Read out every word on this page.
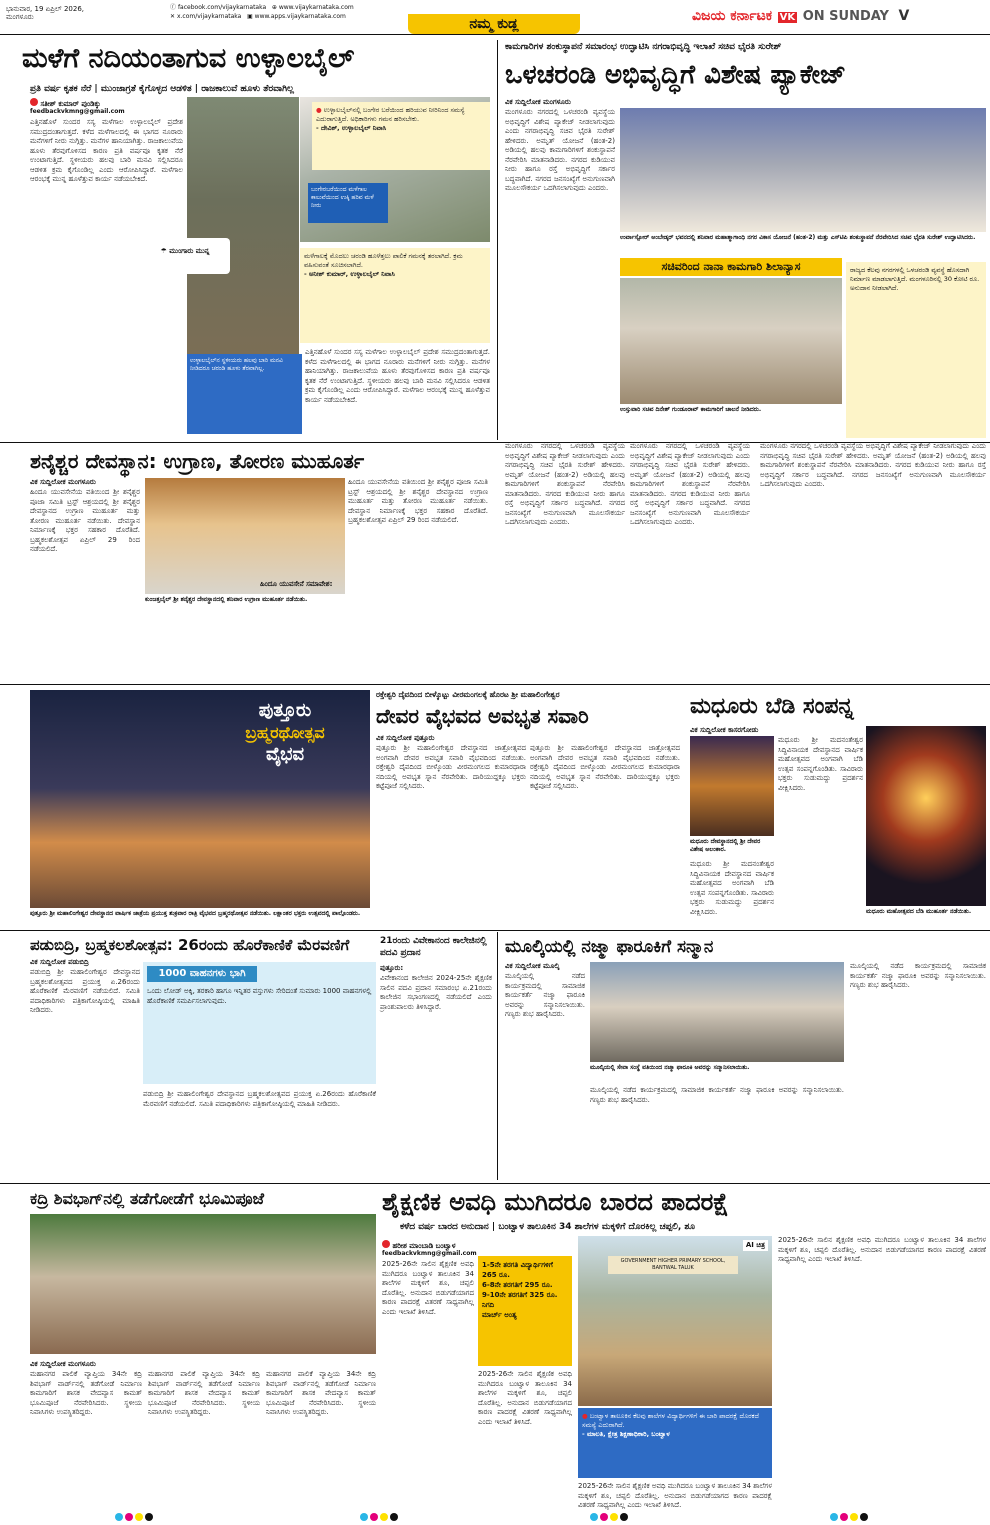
ಭಾನುವಾರ, 19 ಏಪ್ರಿಲ್ 2026,
ಮಂಗಳೂರು
ⓕ facebook.com/vijaykarnataka ⊕ www.vijaykarnataka.com
✕ x.com/vijaykarnataka ▣ www.apps.vijaykarnataka.com	ನಮ್ಮ ಕುಡ್ಲ	ವಿಜಯ ಕರ್ನಾಟಕ VK ON SUNDAY V
ಮಳೆಗೆ ನದಿಯಂತಾಗುವ ಉಳ್ಳಾಲಬೈಲ್
ಪ್ರತಿ ವರ್ಷ ಕೃತಕ ನೆರೆ | ಮುಂಜಾಗ್ರತೆ ಕೈಗೊಳ್ಳದ ಆಡಳಿತ | ರಾಜಕಾಲುವೆ ಹೂಳು ತೆರವಾಗಿಲ್ಲ
ಸತೀಶ್ ಕುಮಾರ್ ಪುಂಡಿಕ್ಕು
feedbackvkmng@gmail.com
ಎತ್ತಿನಹೊಳೆ ಸುಂದರ ಸಸ್ಯ ಮಳೆಗಾಲ ಉಳ್ಳಾಲಬೈಲ್ ಪ್ರದೇಶ ಸಮುದ್ರದಂತಾಗುತ್ತದೆ. ಕಳೆದ ಮಳೆಗಾಲದಲ್ಲಿ ಈ ಭಾಗದ ನೂರಾರು ಮನೆಗಳಿಗೆ ನೀರು ನುಗ್ಗಿತ್ತು. ಮನೆಗಳ ಹಾನಿಯಾಗಿತ್ತು. ರಾಜಕಾಲುವೆಯ ಹೂಳು ತೆರವುಗೊಳಿಸದ ಕಾರಣ ಪ್ರತಿ ವರ್ಷವೂ ಕೃತಕ ನೆರೆ ಉಂಟಾಗುತ್ತಿದೆ. ಸ್ಥಳೀಯರು ಹಲವು ಬಾರಿ ಮನವಿ ಸಲ್ಲಿಸಿದರೂ ಆಡಳಿತ ಕ್ರಮ ಕೈಗೊಂಡಿಲ್ಲ ಎಂದು ಆರೋಪಿಸಿದ್ದಾರೆ. ಮಳೆಗಾಲ ಆರಂಭಕ್ಕೆ ಮುನ್ನ ಹೂಳೆತ್ತುವ ಕಾರ್ಯ ನಡೆಯಬೇಕಿದೆ.
ಬಂಗೇರಬರೆಯಿಂದ ಮಳೆಗಾಲ ಕಾಲುವೆಯಿಂದ ಉಕ್ಕಿ ಹರಿವ ಮಳೆ ನೀರು
☂ ಮುಂಗಾರು ಮುನ್ನ
● ಉಳ್ಳಾಲಬೈಲ್‌ನಲ್ಲಿ ಬಂಗೇರ ಬರೆಯಿಂದ ಹರಿಯುವ ನೀರಿನಿಂದ ಸಮಸ್ಯೆ ಎದುರಾಗುತ್ತಿದೆ. ಅಧಿಕಾರಿಗಳು ಗಮನ ಹರಿಸಬೇಕು.
- ದೇವಿಶ್, ಉಳ್ಳಾಲಬೈಲ್ ನಿವಾಸಿ
ಮಳೆಗಾಲಕ್ಕೆ ಮೊದಲು ಚರಂಡಿ ಹೂಳೆತ್ತಲು ಪಾಲಿಕೆ ಗಮನಕ್ಕೆ ತರಲಾಗಿದೆ. ಕ್ರಮ ವಹಿಸುವಂತೆ ಸೂಚಿಸಲಾಗಿದೆ.
- ಅನೀಶ್ ಕುಮಾರ್, ಉಳ್ಳಾಲಬೈಲ್ ನಿವಾಸಿ
ಉಳ್ಳಾಲಬೈಲ್‌ನ ಸ್ಥಳೀಯರು ಹಲವು ಬಾರಿ ಮನವಿ ನೀಡಿದರೂ ಚರಂಡಿ ಹೂಳು ತೆರವಾಗಿಲ್ಲ.
ಎತ್ತಿನಹೊಳೆ ಸುಂದರ ಸಸ್ಯ ಮಳೆಗಾಲ ಉಳ್ಳಾಲಬೈಲ್ ಪ್ರದೇಶ ಸಮುದ್ರದಂತಾಗುತ್ತದೆ. ಕಳೆದ ಮಳೆಗಾಲದಲ್ಲಿ ಈ ಭಾಗದ ನೂರಾರು ಮನೆಗಳಿಗೆ ನೀರು ನುಗ್ಗಿತ್ತು. ಮನೆಗಳ ಹಾನಿಯಾಗಿತ್ತು. ರಾಜಕಾಲುವೆಯ ಹೂಳು ತೆರವುಗೊಳಿಸದ ಕಾರಣ ಪ್ರತಿ ವರ್ಷವೂ ಕೃತಕ ನೆರೆ ಉಂಟಾಗುತ್ತಿದೆ. ಸ್ಥಳೀಯರು ಹಲವು ಬಾರಿ ಮನವಿ ಸಲ್ಲಿಸಿದರೂ ಆಡಳಿತ ಕ್ರಮ ಕೈಗೊಂಡಿಲ್ಲ ಎಂದು ಆರೋಪಿಸಿದ್ದಾರೆ. ಮಳೆಗಾಲ ಆರಂಭಕ್ಕೆ ಮುನ್ನ ಹೂಳೆತ್ತುವ ಕಾರ್ಯ ನಡೆಯಬೇಕಿದೆ.
ಕಾಮಗಾರಿಗಳ ಶಂಕುಸ್ಥಾಪನೆ ಸಮಾರಂಭ ಉದ್ಘಾಟಿಸಿ ನಗರಾಭಿವೃದ್ಧಿ ಇಲಾಖೆ ಸಚಿವ ಭೈರತಿ ಸುರೇಶ್
ಒಳಚರಂಡಿ ಅಭಿವೃದ್ಧಿಗೆ ವಿಶೇಷ ಪ್ಯಾಕೇಜ್
ವಿಕ ಸುದ್ದಿಲೋಕ ಮಂಗಳೂರು
ಮಂಗಳೂರು ನಗರದಲ್ಲಿ ಒಳಚರಂಡಿ ವ್ಯವಸ್ಥೆಯ ಅಭಿವೃದ್ಧಿಗೆ ವಿಶೇಷ ಪ್ಯಾಕೇಜ್ ನೀಡಲಾಗುವುದು ಎಂದು ನಗರಾಭಿವೃದ್ಧಿ ಸಚಿವ ಭೈರತಿ ಸುರೇಶ್ ಹೇಳಿದರು. ಅಮೃತ್ ಯೋಜನೆ (ಹಂತ-2) ಅಡಿಯಲ್ಲಿ ಹಲವು ಕಾಮಗಾರಿಗಳಿಗೆ ಶಂಕುಸ್ಥಾಪನೆ ನೆರವೇರಿಸಿ ಮಾತನಾಡಿದರು. ನಗರದ ಕುಡಿಯುವ ನೀರು ಹಾಗೂ ರಸ್ತೆ ಅಭಿವೃದ್ಧಿಗೆ ಸರ್ಕಾರ ಬದ್ಧವಾಗಿದೆ. ನಗರದ ಜನಸಂಖ್ಯೆಗೆ ಅನುಗುಣವಾಗಿ ಮೂಲಸೌಕರ್ಯ ಒದಗಿಸಲಾಗುವುದು ಎಂದರು.
ಉರ್ವಾಸ್ಟೋರ್ ಅಂಬೇಡ್ಕರ್ ಭವನದಲ್ಲಿ ಶನಿವಾರ ಮಹಾತ್ಮಾಗಾಂಧಿ ನಗರ ವಿಕಾಸ ಯೋಜನೆ (ಹಂತ-2) ಮತ್ತು ಎಸ್‌ಟಿಪಿ ಶಂಕುಸ್ಥಾಪನೆ ನೆರವೇರಿಸಿದ ಸಚಿವ ಭೈರತಿ ಸುರೇಶ್ ಉದ್ಘಾಟಿಸಿದರು.
ಸಚಿವರಿಂದ ನಾನಾ ಕಾಮಗಾರಿ ಶಿಲಾನ್ಯಾಸ
ಉಸ್ತುವಾರಿ ಸಚಿವ ದಿನೇಶ್ ಗುಂಡೂರಾವ್ ಕಾಮಗಾರಿಗೆ ಚಾಲನೆ ನೀಡಿದರು.
ರಾಜ್ಯದ ಕೆಲವು ನಗರಗಳಲ್ಲಿ ಒಳಚರಂಡಿ ವ್ಯವಸ್ಥೆ ಹೊಸದಾಗಿ ನಿರ್ಮಾಣ ಮಾಡಲಾಗುತ್ತಿದೆ. ಮಂಗಳೂರಿನಲ್ಲಿ 30 ಕೋಟಿ ರೂ. ಅನುದಾನ ನೀಡಲಾಗಿದೆ.
ಶನೈಶ್ಚರ ದೇವಸ್ಥಾನ: ಉಗ್ರಾಣ, ತೋರಣ ಮುಹೂರ್ತ
ವಿಕ ಸುದ್ದಿಲೋಕ ಮಂಗಳೂರು
ಹಿಂದೂ ಯುವಸೇನೆಯ ವತಿಯಿಂದ ಶ್ರೀ ಶನೈಶ್ಚರ ಪೂಜಾ ಸಮಿತಿ ಟ್ರಸ್ಟ್ ಆಶ್ರಯದಲ್ಲಿ ಶ್ರೀ ಶನೈಶ್ಚರ ದೇವಸ್ಥಾನದ ಉಗ್ರಾಣ ಮುಹೂರ್ತ ಮತ್ತು ತೋರಣ ಮುಹೂರ್ತ ನಡೆಯಿತು. ದೇವಸ್ಥಾನ ನಿರ್ಮಾಣಕ್ಕೆ ಭಕ್ತರ ಸಹಕಾರ ದೊರೆತಿದೆ. ಬ್ರಹ್ಮಕಲಶೋತ್ಸವ ಏಪ್ರಿಲ್ 29 ರಿಂದ ನಡೆಯಲಿದೆ.
ಕುಂಜತ್ತಬೈಲ್ ಶ್ರೀ ಶನೈಶ್ಚರ ದೇವಸ್ಥಾನದಲ್ಲಿ ಶನಿವಾರ ಉಗ್ರಾಣ ಮುಹೂರ್ತ ನಡೆಯಿತು.
ಹಿಂದೂ ಯುವಸೇನೆಯ ವತಿಯಿಂದ ಶ್ರೀ ಶನೈಶ್ಚರ ಪೂಜಾ ಸಮಿತಿ ಟ್ರಸ್ಟ್ ಆಶ್ರಯದಲ್ಲಿ ಶ್ರೀ ಶನೈಶ್ಚರ ದೇವಸ್ಥಾನದ ಉಗ್ರಾಣ ಮುಹೂರ್ತ ಮತ್ತು ತೋರಣ ಮುಹೂರ್ತ ನಡೆಯಿತು. ದೇವಸ್ಥಾನ ನಿರ್ಮಾಣಕ್ಕೆ ಭಕ್ತರ ಸಹಕಾರ ದೊರೆತಿದೆ. ಬ್ರಹ್ಮಕಲಶೋತ್ಸವ ಏಪ್ರಿಲ್ 29 ರಿಂದ ನಡೆಯಲಿದೆ.
ಹಿಂದೂ ಯುವಸೇನೆ ಸಮಾವೇಶ:
ಮಂಗಳೂರು ನಗರದಲ್ಲಿ ಒಳಚರಂಡಿ ವ್ಯವಸ್ಥೆಯ ಅಭಿವೃದ್ಧಿಗೆ ವಿಶೇಷ ಪ್ಯಾಕೇಜ್ ನೀಡಲಾಗುವುದು ಎಂದು ನಗರಾಭಿವೃದ್ಧಿ ಸಚಿವ ಭೈರತಿ ಸುರೇಶ್ ಹೇಳಿದರು. ಅಮೃತ್ ಯೋಜನೆ (ಹಂತ-2) ಅಡಿಯಲ್ಲಿ ಹಲವು ಕಾಮಗಾರಿಗಳಿಗೆ ಶಂಕುಸ್ಥಾಪನೆ ನೆರವೇರಿಸಿ ಮಾತನಾಡಿದರು. ನಗರದ ಕುಡಿಯುವ ನೀರು ಹಾಗೂ ರಸ್ತೆ ಅಭಿವೃದ್ಧಿಗೆ ಸರ್ಕಾರ ಬದ್ಧವಾಗಿದೆ. ನಗರದ ಜನಸಂಖ್ಯೆಗೆ ಅನುಗುಣವಾಗಿ ಮೂಲಸೌಕರ್ಯ ಒದಗಿಸಲಾಗುವುದು ಎಂದರು.
ಮಂಗಳೂರು ನಗರದಲ್ಲಿ ಒಳಚರಂಡಿ ವ್ಯವಸ್ಥೆಯ ಅಭಿವೃದ್ಧಿಗೆ ವಿಶೇಷ ಪ್ಯಾಕೇಜ್ ನೀಡಲಾಗುವುದು ಎಂದು ನಗರಾಭಿವೃದ್ಧಿ ಸಚಿವ ಭೈರತಿ ಸುರೇಶ್ ಹೇಳಿದರು. ಅಮೃತ್ ಯೋಜನೆ (ಹಂತ-2) ಅಡಿಯಲ್ಲಿ ಹಲವು ಕಾಮಗಾರಿಗಳಿಗೆ ಶಂಕುಸ್ಥಾಪನೆ ನೆರವೇರಿಸಿ ಮಾತನಾಡಿದರು. ನಗರದ ಕುಡಿಯುವ ನೀರು ಹಾಗೂ ರಸ್ತೆ ಅಭಿವೃದ್ಧಿಗೆ ಸರ್ಕಾರ ಬದ್ಧವಾಗಿದೆ. ನಗರದ ಜನಸಂಖ್ಯೆಗೆ ಅನುಗುಣವಾಗಿ ಮೂಲಸೌಕರ್ಯ ಒದಗಿಸಲಾಗುವುದು ಎಂದರು.
ಮಂಗಳೂರು ನಗರದಲ್ಲಿ ಒಳಚರಂಡಿ ವ್ಯವಸ್ಥೆಯ ಅಭಿವೃದ್ಧಿಗೆ ವಿಶೇಷ ಪ್ಯಾಕೇಜ್ ನೀಡಲಾಗುವುದು ಎಂದು ನಗರಾಭಿವೃದ್ಧಿ ಸಚಿವ ಭೈರತಿ ಸುರೇಶ್ ಹೇಳಿದರು. ಅಮೃತ್ ಯೋಜನೆ (ಹಂತ-2) ಅಡಿಯಲ್ಲಿ ಹಲವು ಕಾಮಗಾರಿಗಳಿಗೆ ಶಂಕುಸ್ಥಾಪನೆ ನೆರವೇರಿಸಿ ಮಾತನಾಡಿದರು. ನಗರದ ಕುಡಿಯುವ ನೀರು ಹಾಗೂ ರಸ್ತೆ ಅಭಿವೃದ್ಧಿಗೆ ಸರ್ಕಾರ ಬದ್ಧವಾಗಿದೆ. ನಗರದ ಜನಸಂಖ್ಯೆಗೆ ಅನುಗುಣವಾಗಿ ಮೂಲಸೌಕರ್ಯ ಒದಗಿಸಲಾಗುವುದು ಎಂದರು.
ಪುತ್ತೂರು
ಬ್ರಹ್ಮರಥೋತ್ಸವ
ವೈಭವ
ಪುತ್ತೂರು ಶ್ರೀ ಮಹಾಲಿಂಗೇಶ್ವರ ದೇವಸ್ಥಾನದ ವಾರ್ಷಿಕ ಜಾತ್ರೆಯ ಪ್ರಯುಕ್ತ ಶುಕ್ರವಾರ ರಾತ್ರಿ ವೈಭವದ ಬ್ರಹ್ಮರಥೋತ್ಸವ ನಡೆಯಿತು. ಲಕ್ಷಾಂತರ ಭಕ್ತರು ಉತ್ಸವದಲ್ಲಿ ಪಾಲ್ಗೊಂಡರು.
ರಕ್ತೇಶ್ವರಿ ದೈವದಿಂದ ಬೀಳ್ಕೊಟ್ಟು ವೀರಮಂಗಲಕ್ಕೆ ಹೊರಟ ಶ್ರೀ ಮಹಾಲಿಂಗೇಶ್ವರ
ದೇವರ ವೈಭವದ ಅವಭೃತ ಸವಾರಿ
ವಿಕ ಸುದ್ದಿಲೋಕ ಪುತ್ತೂರು
ಪುತ್ತೂರು ಶ್ರೀ ಮಹಾಲಿಂಗೇಶ್ವರ ದೇವಸ್ಥಾನದ ಜಾತ್ರೋತ್ಸವದ ಅಂಗವಾಗಿ ದೇವರ ಅವಭೃತ ಸವಾರಿ ವೈಭವದಿಂದ ನಡೆಯಿತು. ರಕ್ತೇಶ್ವರಿ ದೈವದಿಂದ ಬೀಳ್ಕೊಂಡು ವೀರಮಂಗಲದ ಕುಮಾರಧಾರಾ ನದಿಯಲ್ಲಿ ಅವಭೃತ ಸ್ನಾನ ನೆರವೇರಿತು. ದಾರಿಯುದ್ದಕ್ಕೂ ಭಕ್ತರು ಕಟ್ಟೆಪೂಜೆ ಸಲ್ಲಿಸಿದರು.
ಪುತ್ತೂರು ಶ್ರೀ ಮಹಾಲಿಂಗೇಶ್ವರ ದೇವಸ್ಥಾನದ ಜಾತ್ರೋತ್ಸವದ ಅಂಗವಾಗಿ ದೇವರ ಅವಭೃತ ಸವಾರಿ ವೈಭವದಿಂದ ನಡೆಯಿತು. ರಕ್ತೇಶ್ವರಿ ದೈವದಿಂದ ಬೀಳ್ಕೊಂಡು ವೀರಮಂಗಲದ ಕುಮಾರಧಾರಾ ನದಿಯಲ್ಲಿ ಅವಭೃತ ಸ್ನಾನ ನೆರವೇರಿತು. ದಾರಿಯುದ್ದಕ್ಕೂ ಭಕ್ತರು ಕಟ್ಟೆಪೂಜೆ ಸಲ್ಲಿಸಿದರು.
ಮಧೂರು ಬೆಡಿ ಸಂಪನ್ನ
ವಿಕ ಸುದ್ದಿಲೋಕ ಕಾಸರಗೋಡು
ಮಧೂರು ದೇವಸ್ಥಾನದಲ್ಲಿ ಶ್ರೀ ದೇವರ ವಿಶೇಷ ಅಲಂಕಾರ.
ಮಧೂರು ಶ್ರೀ ಮದನಂತೇಶ್ವರ ಸಿದ್ಧಿವಿನಾಯಕ ದೇವಸ್ಥಾನದ ವಾರ್ಷಿಕ ಮಹೋತ್ಸವದ ಅಂಗವಾಗಿ ಬೆಡಿ ಉತ್ಸವ ಸಂಪನ್ನಗೊಂಡಿತು. ಸಾವಿರಾರು ಭಕ್ತರು ಸುಡುಮದ್ದು ಪ್ರದರ್ಶನ ವೀಕ್ಷಿಸಿದರು.
ಮಧೂರು ಮಹೋತ್ಸವದ ಬೆಡಿ ಮುಹೂರ್ತ ನಡೆಯಿತು.
ಮಧೂರು ಶ್ರೀ ಮದನಂತೇಶ್ವರ ಸಿದ್ಧಿವಿನಾಯಕ ದೇವಸ್ಥಾನದ ವಾರ್ಷಿಕ ಮಹೋತ್ಸವದ ಅಂಗವಾಗಿ ಬೆಡಿ ಉತ್ಸವ ಸಂಪನ್ನಗೊಂಡಿತು. ಸಾವಿರಾರು ಭಕ್ತರು ಸುಡುಮದ್ದು ಪ್ರದರ್ಶನ ವೀಕ್ಷಿಸಿದರು.
ಪಡುಬಿದ್ರಿ, ಬ್ರಹ್ಮಕಲಶೋತ್ಸವ: 26ರಂದು ಹೊರೆಕಾಣಿಕೆ ಮೆರವಣಿಗೆ
ವಿಕ ಸುದ್ದಿಲೋಕ ಪಡುಬಿದ್ರಿ
ಪಡುಬಿದ್ರಿ ಶ್ರೀ ಮಹಾಲಿಂಗೇಶ್ವರ ದೇವಸ್ಥಾನದ ಬ್ರಹ್ಮಕಲಶೋತ್ಸವದ ಪ್ರಯುಕ್ತ ಏ.26ರಂದು ಹೊರೆಕಾಣಿಕೆ ಮೆರವಣಿಗೆ ನಡೆಯಲಿದೆ. ಸಮಿತಿ ಪದಾಧಿಕಾರಿಗಳು ಪತ್ರಿಕಾಗೋಷ್ಠಿಯಲ್ಲಿ ಮಾಹಿತಿ ನೀಡಿದರು.
1000 ವಾಹನಗಳು ಭಾಗಿ
ಒಂದು ಲೋಡ್ ಅಕ್ಕಿ, ತರಕಾರಿ ಹಾಗೂ ಇನ್ನಿತರ ವಸ್ತುಗಳು ಸೇರಿದಂತೆ ಸುಮಾರು 1000 ವಾಹನಗಳಲ್ಲಿ ಹೊರೆಕಾಣಿಕೆ ಸಮರ್ಪಿಸಲಾಗುವುದು.
ಪಡುಬಿದ್ರಿ ಶ್ರೀ ಮಹಾಲಿಂಗೇಶ್ವರ ದೇವಸ್ಥಾನದ ಬ್ರಹ್ಮಕಲಶೋತ್ಸವದ ಪ್ರಯುಕ್ತ ಏ.26ರಂದು ಹೊರೆಕಾಣಿಕೆ ಮೆರವಣಿಗೆ ನಡೆಯಲಿದೆ. ಸಮಿತಿ ಪದಾಧಿಕಾರಿಗಳು ಪತ್ರಿಕಾಗೋಷ್ಠಿಯಲ್ಲಿ ಮಾಹಿತಿ ನೀಡಿದರು.
21ರಂದು ವಿವೇಕಾನಂದ ಕಾಲೇಜಿನಲ್ಲಿ ಪದವಿ ಪ್ರದಾನ
ಪುತ್ತೂರು:
ವಿವೇಕಾನಂದ ಕಾಲೇಜಿನ 2024-25ನೇ ಶೈಕ್ಷಣಿಕ ಸಾಲಿನ ಪದವಿ ಪ್ರದಾನ ಸಮಾರಂಭ ಏ.21ರಂದು ಕಾಲೇಜಿನ ಸಭಾಂಗಣದಲ್ಲಿ ನಡೆಯಲಿದೆ ಎಂದು ಪ್ರಾಂಶುಪಾಲರು ತಿಳಿಸಿದ್ದಾರೆ.
ಮೂಲ್ಕಿಯಲ್ಲಿ ನಜ್ಮಾ ಫಾರೂಕಿಗೆ ಸನ್ಮಾನ
ವಿಕ ಸುದ್ದಿಲೋಕ ಮೂಲ್ಕಿ
ಮೂಲ್ಕಿಯಲ್ಲಿ ನಡೆದ ಕಾರ್ಯಕ್ರಮದಲ್ಲಿ ಸಾಮಾಜಿಕ ಕಾರ್ಯಕರ್ತೆ ನಜ್ಮಾ ಫಾರೂಕಿ ಅವರನ್ನು ಸನ್ಮಾನಿಸಲಾಯಿತು. ಗಣ್ಯರು ಶುಭ ಹಾರೈಸಿದರು.
ಮೂಲ್ಕಿಯಲ್ಲಿ ಸೇವಾ ಸಂಸ್ಥೆ ವತಿಯಿಂದ ನಜ್ಮಾ ಫಾರೂಕಿ ಅವರನ್ನು ಸನ್ಮಾನಿಸಲಾಯಿತು.
ಮೂಲ್ಕಿಯಲ್ಲಿ ನಡೆದ ಕಾರ್ಯಕ್ರಮದಲ್ಲಿ ಸಾಮಾಜಿಕ ಕಾರ್ಯಕರ್ತೆ ನಜ್ಮಾ ಫಾರೂಕಿ ಅವರನ್ನು ಸನ್ಮಾನಿಸಲಾಯಿತು. ಗಣ್ಯರು ಶುಭ ಹಾರೈಸಿದರು.
ಮೂಲ್ಕಿಯಲ್ಲಿ ನಡೆದ ಕಾರ್ಯಕ್ರಮದಲ್ಲಿ ಸಾಮಾಜಿಕ ಕಾರ್ಯಕರ್ತೆ ನಜ್ಮಾ ಫಾರೂಕಿ ಅವರನ್ನು ಸನ್ಮಾನಿಸಲಾಯಿತು. ಗಣ್ಯರು ಶುಭ ಹಾರೈಸಿದರು.
ಕದ್ರಿ ಶಿವಭಾಗ್‌ನಲ್ಲಿ ತಡೆಗೋಡೆಗೆ ಭೂಮಿಪೂಜೆ
ವಿಕ ಸುದ್ದಿಲೋಕ ಮಂಗಳೂರು
ಮಹಾನಗರ ಪಾಲಿಕೆ ವ್ಯಾಪ್ತಿಯ 34ನೇ ಕದ್ರಿ ಶಿವಭಾಗ್ ವಾರ್ಡ್‌ನಲ್ಲಿ ತಡೆಗೋಡೆ ನಿರ್ಮಾಣ ಕಾಮಗಾರಿಗೆ ಶಾಸಕ ವೇದವ್ಯಾಸ ಕಾಮತ್ ಭೂಮಿಪೂಜೆ ನೆರವೇರಿಸಿದರು. ಸ್ಥಳೀಯ ನಿವಾಸಿಗಳು ಉಪಸ್ಥಿತರಿದ್ದರು.
ಮಹಾನಗರ ಪಾಲಿಕೆ ವ್ಯಾಪ್ತಿಯ 34ನೇ ಕದ್ರಿ ಶಿವಭಾಗ್ ವಾರ್ಡ್‌ನಲ್ಲಿ ತಡೆಗೋಡೆ ನಿರ್ಮಾಣ ಕಾಮಗಾರಿಗೆ ಶಾಸಕ ವೇದವ್ಯಾಸ ಕಾಮತ್ ಭೂಮಿಪೂಜೆ ನೆರವೇರಿಸಿದರು. ಸ್ಥಳೀಯ ನಿವಾಸಿಗಳು ಉಪಸ್ಥಿತರಿದ್ದರು.
ಮಹಾನಗರ ಪಾಲಿಕೆ ವ್ಯಾಪ್ತಿಯ 34ನೇ ಕದ್ರಿ ಶಿವಭಾಗ್ ವಾರ್ಡ್‌ನಲ್ಲಿ ತಡೆಗೋಡೆ ನಿರ್ಮಾಣ ಕಾಮಗಾರಿಗೆ ಶಾಸಕ ವೇದವ್ಯಾಸ ಕಾಮತ್ ಭೂಮಿಪೂಜೆ ನೆರವೇರಿಸಿದರು. ಸ್ಥಳೀಯ ನಿವಾಸಿಗಳು ಉಪಸ್ಥಿತರಿದ್ದರು.
ಶೈಕ್ಷಣಿಕ ಅವಧಿ ಮುಗಿದರೂ ಬಾರದ ಪಾದರಕ್ಷೆ
ಕಳೆದ ವರ್ಷ ಬಾರದ ಅನುದಾನ | ಬಂಟ್ವಾಳ ತಾಲೂಕಿನ 34 ಶಾಲೆಗಳ ಮಕ್ಕಳಿಗೆ ದೊರಕಿಲ್ಲ ಚಪ್ಪಲಿ, ಶೂ
ಹರೀಶ ಮಾಂಬಾಡಿ ಬಂಟ್ವಾಳ
feedbackvkmng@gmail.com
2025-26ನೇ ಸಾಲಿನ ಶೈಕ್ಷಣಿಕ ಅವಧಿ ಮುಗಿದರೂ ಬಂಟ್ವಾಳ ತಾಲೂಕಿನ 34 ಶಾಲೆಗಳ ಮಕ್ಕಳಿಗೆ ಶೂ, ಚಪ್ಪಲಿ ದೊರೆತಿಲ್ಲ. ಅನುದಾನ ಬಿಡುಗಡೆಯಾಗದ ಕಾರಣ ಪಾದರಕ್ಷೆ ವಿತರಣೆ ಸಾಧ್ಯವಾಗಿಲ್ಲ ಎಂದು ಇಲಾಖೆ ತಿಳಿಸಿದೆ.
1-5ನೇ ತರಗತಿ ವಿದ್ಯಾರ್ಥಿಗಳಿಗೆ 265 ರೂ.
6-8ನೇ ತರಗತಿಗೆ 295 ರೂ.
9-10ನೇ ತರಗತಿಗೆ 325 ರೂ. ನಿಗದಿ
ಮಾರ್ಚ್ ಅಂತ್ಯ
2025-26ನೇ ಸಾಲಿನ ಶೈಕ್ಷಣಿಕ ಅವಧಿ ಮುಗಿದರೂ ಬಂಟ್ವಾಳ ತಾಲೂಕಿನ 34 ಶಾಲೆಗಳ ಮಕ್ಕಳಿಗೆ ಶೂ, ಚಪ್ಪಲಿ ದೊರೆತಿಲ್ಲ. ಅನುದಾನ ಬಿಡುಗಡೆಯಾಗದ ಕಾರಣ ಪಾದರಕ್ಷೆ ವಿತರಣೆ ಸಾಧ್ಯವಾಗಿಲ್ಲ ಎಂದು ಇಲಾಖೆ ತಿಳಿಸಿದೆ.
AI ಚಿತ್ರ
GOVERNMENT HIGHER PRIMARY SCHOOL, BANTWAL TALUK
● ಬಂಟ್ವಾಳ ತಾಲೂಕಿನ ಕೆಲವು ಶಾಲೆಗಳ ವಿದ್ಯಾರ್ಥಿಗಳಿಗೆ ಈ ಬಾರಿ ಪಾದರಕ್ಷೆ ದೊರಕದೆ ಸಮಸ್ಯೆ ಎದುರಾಗಿದೆ.
- ಮಾಲತಿ, ಕ್ಷೇತ್ರ ಶಿಕ್ಷಣಾಧಿಕಾರಿ, ಬಂಟ್ವಾಳ
2025-26ನೇ ಸಾಲಿನ ಶೈಕ್ಷಣಿಕ ಅವಧಿ ಮುಗಿದರೂ ಬಂಟ್ವಾಳ ತಾಲೂಕಿನ 34 ಶಾಲೆಗಳ ಮಕ್ಕಳಿಗೆ ಶೂ, ಚಪ್ಪಲಿ ದೊರೆತಿಲ್ಲ. ಅನುದಾನ ಬಿಡುಗಡೆಯಾಗದ ಕಾರಣ ಪಾದರಕ್ಷೆ ವಿತರಣೆ ಸಾಧ್ಯವಾಗಿಲ್ಲ ಎಂದು ಇಲಾಖೆ ತಿಳಿಸಿದೆ.
2025-26ನೇ ಸಾಲಿನ ಶೈಕ್ಷಣಿಕ ಅವಧಿ ಮುಗಿದರೂ ಬಂಟ್ವಾಳ ತಾಲೂಕಿನ 34 ಶಾಲೆಗಳ ಮಕ್ಕಳಿಗೆ ಶೂ, ಚಪ್ಪಲಿ ದೊರೆತಿಲ್ಲ. ಅನುದಾನ ಬಿಡುಗಡೆಯಾಗದ ಕಾರಣ ಪಾದರಕ್ಷೆ ವಿತರಣೆ ಸಾಧ್ಯವಾಗಿಲ್ಲ ಎಂದು ಇಲಾಖೆ ತಿಳಿಸಿದೆ.
